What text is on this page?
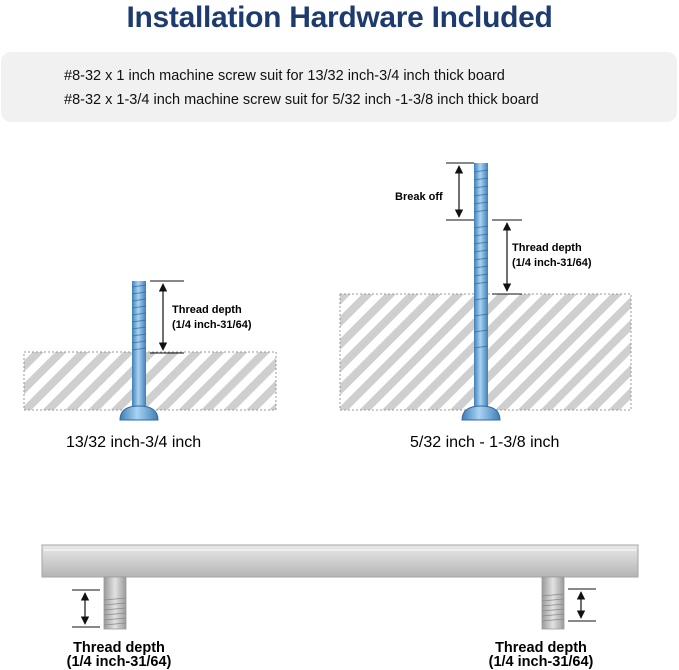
Installation Hardware Included
#8-32 x 1 inch machine screw suit for 13/32 inch-3/4 inch thick board
#8-32 x 1-3/4 inch machine screw suit for 5/32 inch -1-3/8 inch thick board
Thread depth
(1/4 inch-31/64)
13/32 inch-3/4 inch
Break off
Thread depth
(1/4 inch-31/64)
5/32 inch - 1-3/8 inch
Thread depth
(1/4 inch-31/64)
Thread depth
(1/4 inch-31/64)
